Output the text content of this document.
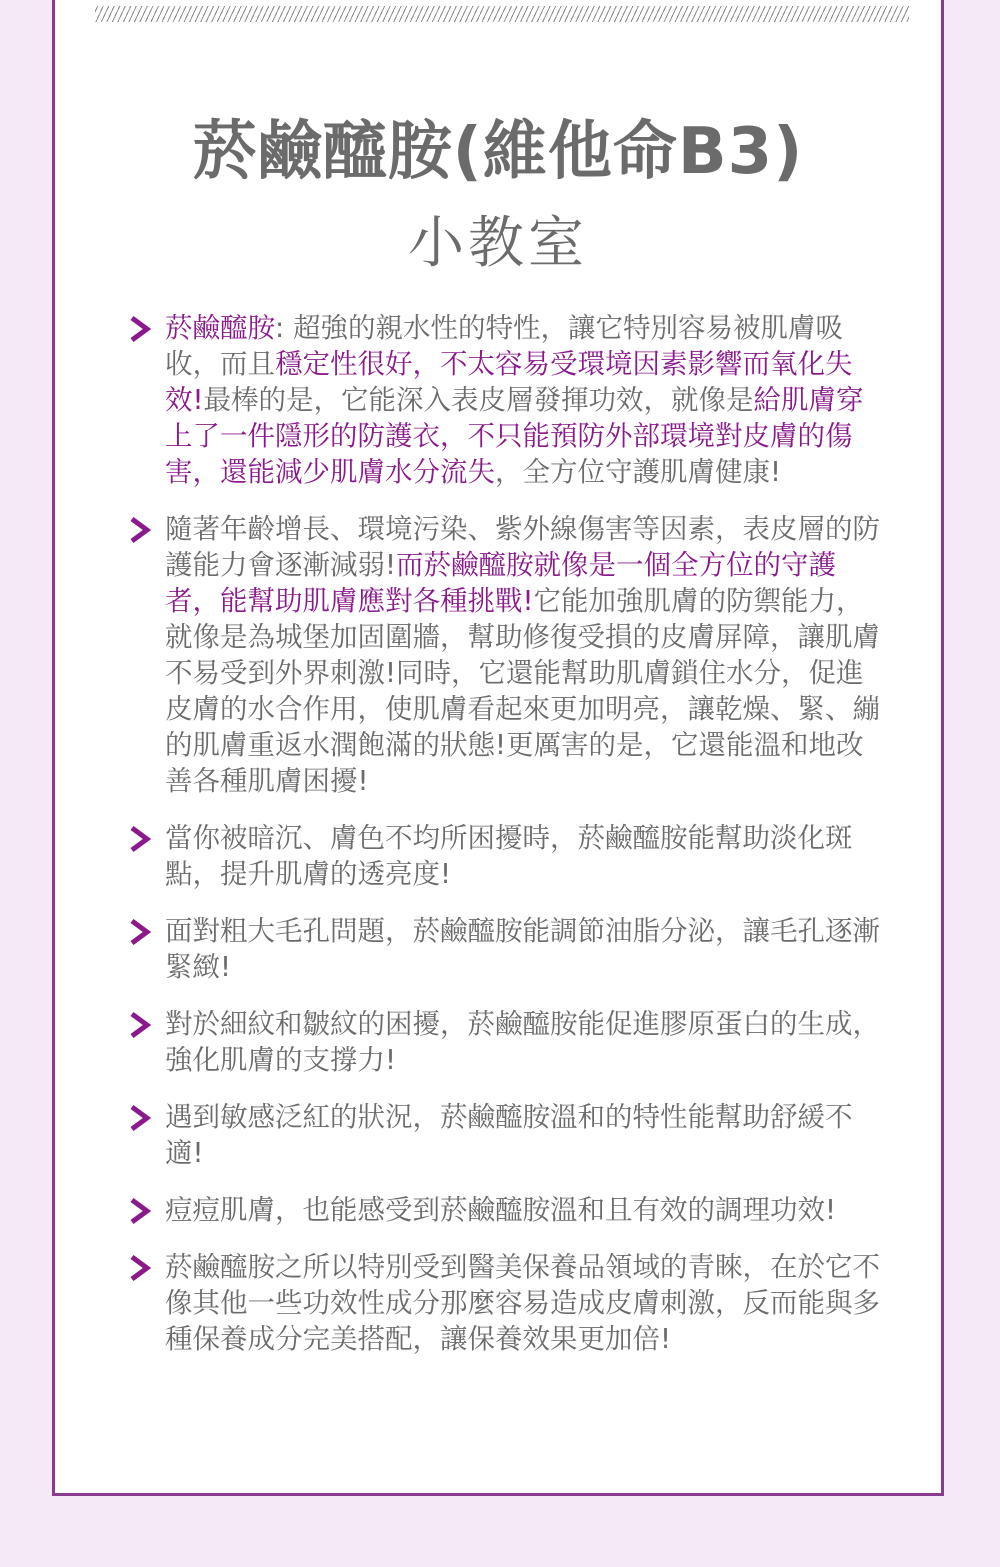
菸鹼醯胺(維他命B3)
小教室
菸鹼醯胺: 超強的親水性的特性，讓它特別容易被肌膚吸收，而且穩定性很好，不太容易受環境因素影響而氧化失效!最棒的是，它能深入表皮層發揮功效，就像是給肌膚穿上了一件隱形的防護衣，不只能預防外部環境對皮膚的傷害，還能減少肌膚水分流失，全方位守護肌膚健康!
隨著年齡增長、環境污染、紫外線傷害等因素，表皮層的防護能力會逐漸減弱!而菸鹼醯胺就像是一個全方位的守護者，能幫助肌膚應對各種挑戰!它能加強肌膚的防禦能力，就像是為城堡加固圍牆，幫助修復受損的皮膚屏障，讓肌膚不易受到外界刺激!同時，它還能幫助肌膚鎖住水分，促進皮膚的水合作用，使肌膚看起來更加明亮，讓乾燥、緊、繃的肌膚重返水潤飽滿的狀態!更厲害的是，它還能溫和地改善各種肌膚困擾!
當你被暗沉、膚色不均所困擾時，菸鹼醯胺能幫助淡化斑點，提升肌膚的透亮度!
面對粗大毛孔問題，菸鹼醯胺能調節油脂分泌，讓毛孔逐漸緊緻!
對於細紋和皺紋的困擾，菸鹼醯胺能促進膠原蛋白的生成，強化肌膚的支撐力!
遇到敏感泛紅的狀況，菸鹼醯胺溫和的特性能幫助舒緩不適!
痘痘肌膚，也能感受到菸鹼醯胺溫和且有效的調理功效!
菸鹼醯胺之所以特別受到醫美保養品領域的青睞，在於它不像其他一些功效性成分那麼容易造成皮膚刺激，反而能與多種保養成分完美搭配，讓保養效果更加倍!
